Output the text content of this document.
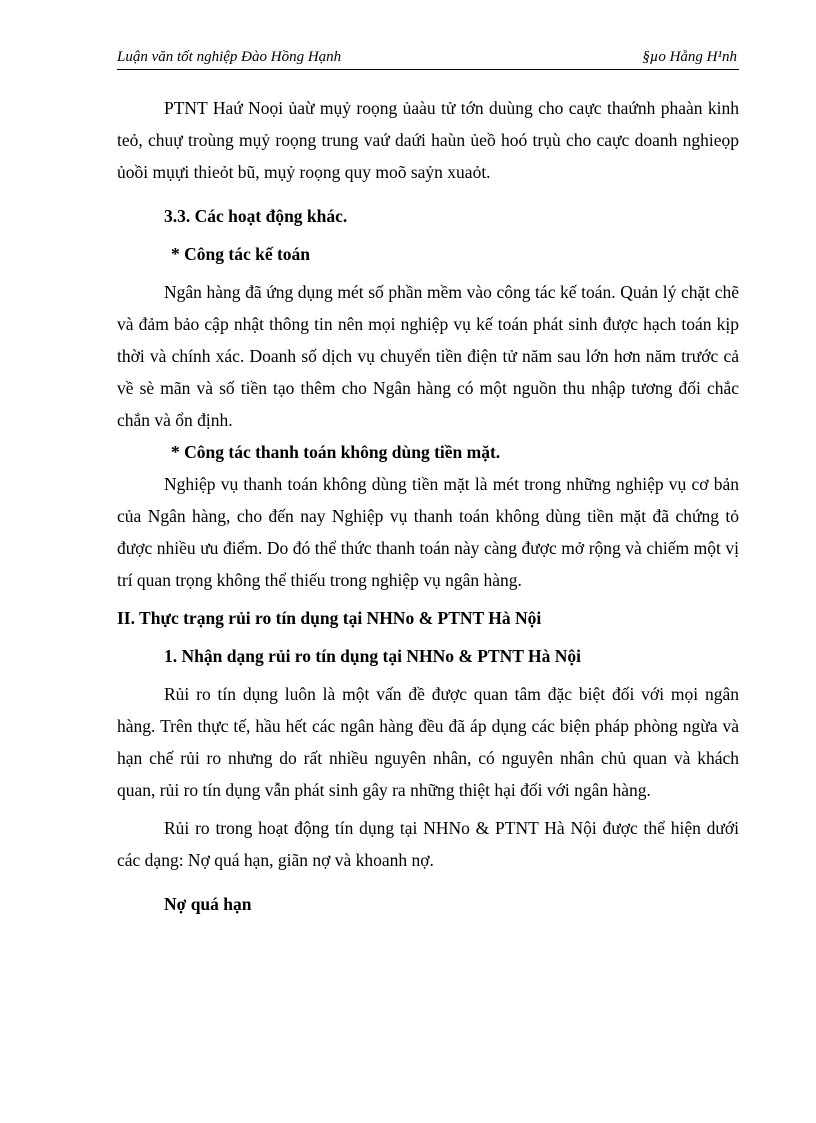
Luận văn tốt nghiệp Đào Hồng Hạnh	§µo Hång H¹nh

PTNT Haứ Noọi ủaừ mụỷ roọng ủaàu tử tớn duùng cho caực thaứnh phaàn kinh teỏ, chuự troùng mụỷ roọng trung vaứ daứi haùn ủeồ hoó trụù cho caực doanh nghieọp ủoồi mụựi thieỏt bũ, mụỷ roọng quy moõ saỷn xuaỏt.

3.3. Các hoạt động khác.

* Công tác kế toán

Ngân hàng đã ứng dụng mét số phần mềm vào công tác kế toán. Quản lý chặt chẽ và đảm bảo cập nhật thông tin nên mọi nghiệp vụ kế toán phát sinh được hạch toán kịp thời và chính xác. Doanh số dịch vụ chuyển tiền điện tử năm sau lớn hơn năm trước cả về sè mãn và số tiền tạo thêm cho Ngân hàng có một nguồn thu nhập tương đối chắc chắn và ổn định.

* Công tác thanh toán không dùng tiền mặt.

Nghiệp vụ thanh toán không dùng tiền mặt là mét trong những nghiệp vụ cơ bản của Ngân hàng, cho đến nay Nghiệp vụ thanh toán không dùng tiền mặt đã chứng tỏ được nhiều ưu điểm. Do đó thể thức thanh toán này càng được mở rộng và chiếm một vị trí quan trọng không thể thiếu trong nghiệp vụ ngân hàng.

II. Thực trạng rủi ro tín dụng tại NHNo & PTNT Hà Nội

1. Nhận dạng rủi ro tín dụng tại NHNo & PTNT Hà Nội

Rủi ro tín dụng luôn là một vấn đề được quan tâm đặc biệt đối với mọi ngân hàng. Trên thực tế, hầu hết các ngân hàng đều đã áp dụng các biện pháp phòng ngừa và hạn chế rủi ro nhưng do rất nhiều nguyên nhân, có nguyên nhân chủ quan và khách quan, rủi ro tín dụng vẫn phát sinh gây ra những thiệt hại đối với ngân hàng.

Rủi ro trong hoạt động tín dụng tại NHNo & PTNT Hà Nội được thể hiện dưới các dạng: Nợ quá hạn, giãn nợ và khoanh nợ.

Nợ quá hạn
